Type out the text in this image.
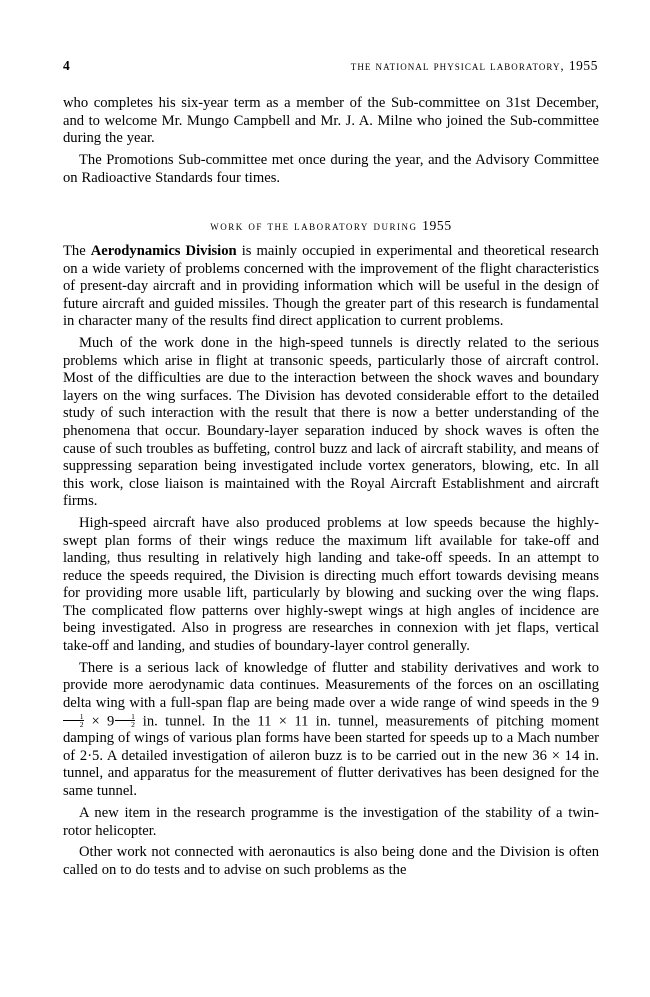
4	the national physical laboratory, 1955

who completes his six-year term as a member of the Sub-committee on 31st December, and to welcome Mr. Mungo Campbell and Mr. J. A. Milne who joined the Sub-committee during the year.

The Promotions Sub-committee met once during the year, and the Advisory Committee on Radioactive Standards four times.

work of the laboratory during 1955

The Aerodynamics Division is mainly occupied in experimental and theoretical research on a wide variety of problems concerned with the improvement of the flight characteristics of present-day aircraft and in providing information which will be useful in the design of future aircraft and guided missiles. Though the greater part of this research is fundamental in character many of the results find direct application to current problems.

Much of the work done in the high-speed tunnels is directly related to the serious problems which arise in flight at transonic speeds, particularly those of aircraft control. Most of the difficulties are due to the interaction between the shock waves and boundary layers on the wing surfaces. The Division has devoted considerable effort to the detailed study of such interaction with the result that there is now a better understanding of the phenomena that occur. Boundary-layer separation induced by shock waves is often the cause of such troubles as buffeting, control buzz and lack of aircraft stability, and means of suppressing separation being investigated include vortex generators, blowing, etc. In all this work, close liaison is maintained with the Royal Aircraft Establishment and aircraft firms.

High-speed aircraft have also produced problems at low speeds because the highly-swept plan forms of their wings reduce the maximum lift available for take-off and landing, thus resulting in relatively high landing and take-off speeds. In an attempt to reduce the speeds required, the Division is directing much effort towards devising means for providing more usable lift, particularly by blowing and sucking over the wing flaps. The complicated flow patterns over highly-swept wings at high angles of incidence are being investigated. Also in progress are researches in connexion with jet flaps, vertical take-off and landing, and studies of boundary-layer control generally.

There is a serious lack of knowledge of flutter and stability derivatives and work to provide more aerodynamic data continues. Measurements of the forces on an oscillating delta wing with a full-span flap are being made over a wide range of wind speeds in the 9
$\frac{1}{2} \times 9 \frac{1}{2}$ in. tunnel. In the 11 × 11 in. tunnel, measurements of pitching moment damping of wings of various plan forms have been started for speeds up to a Mach number of 2·5. A detailed investigation of aileron buzz is to be carried out in the new 36 × 14 in. tunnel, and apparatus for the measurement of flutter derivatives has been designed for the same tunnel.

A new item in the research programme is the investigation of the stability of a twin-rotor helicopter.

Other work not connected with aeronautics is also being done and the Division is often called on to do tests and to advise on such problems as the
